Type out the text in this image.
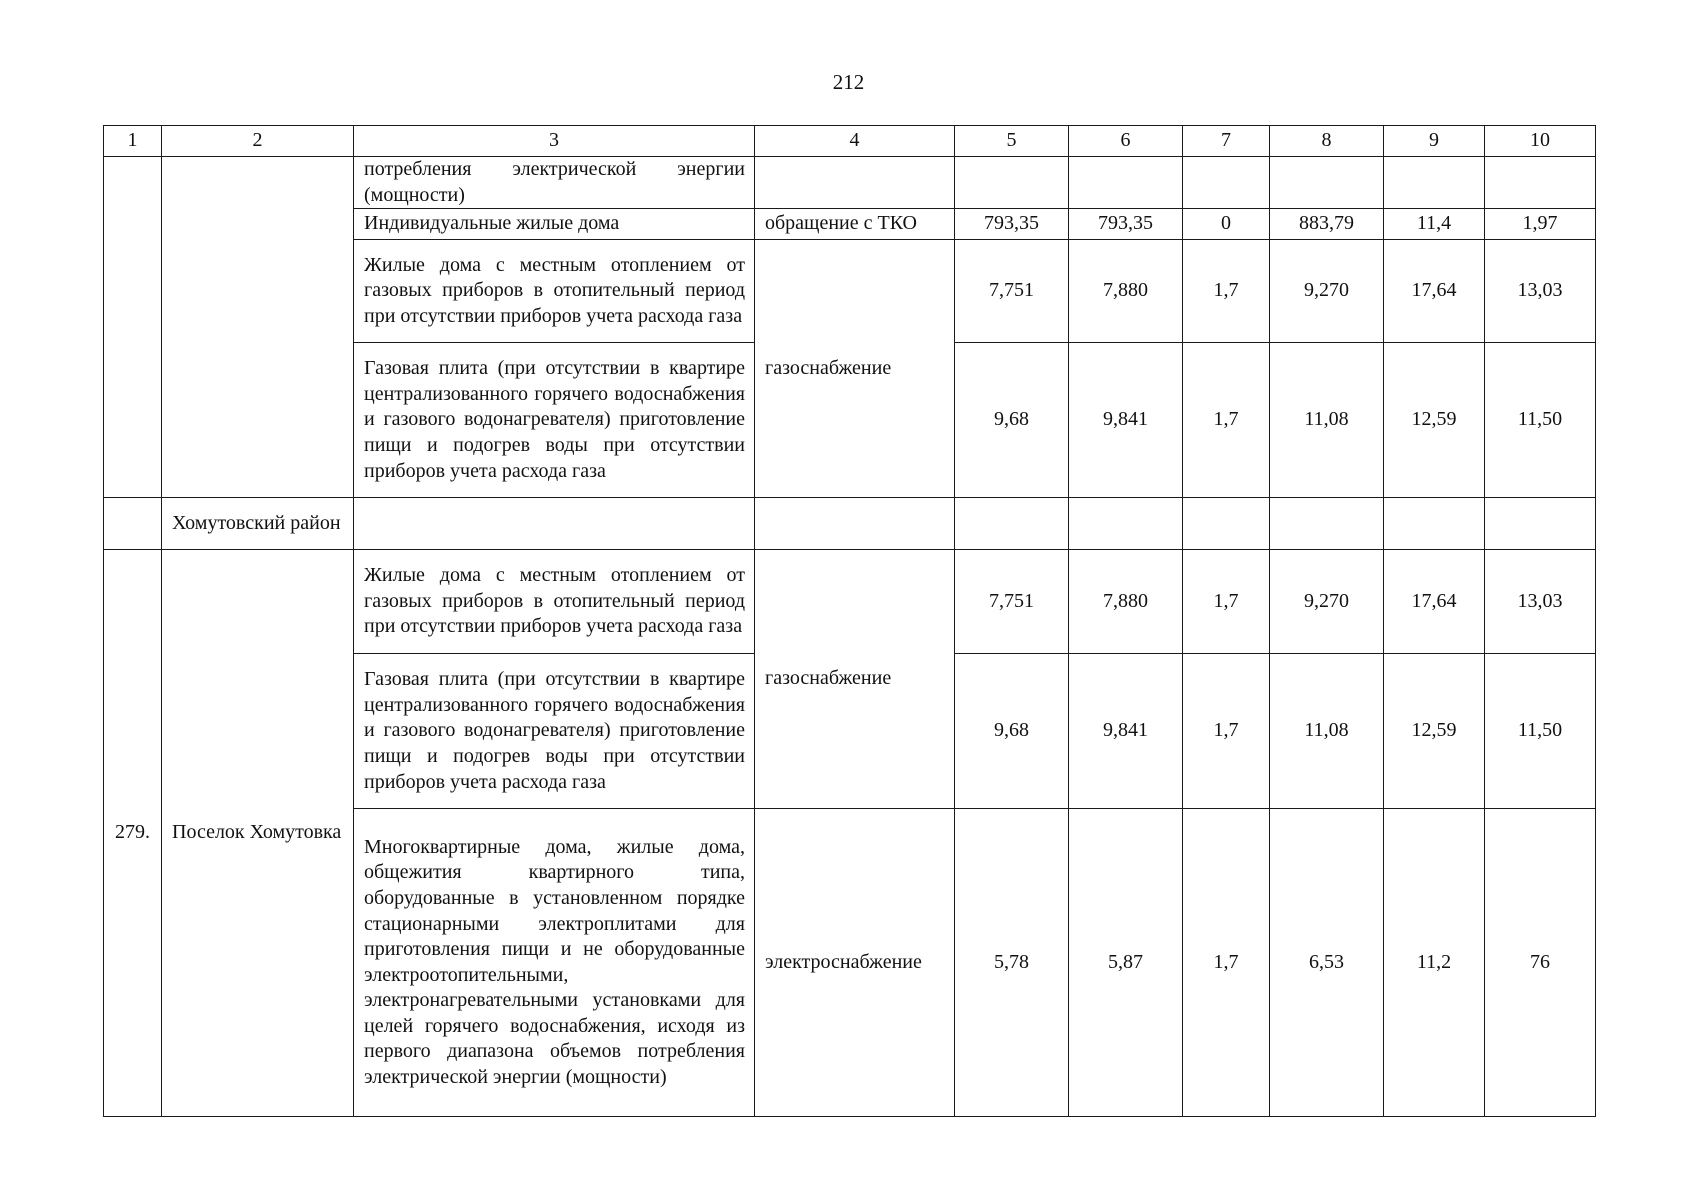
212
1	2	3	4	5	6	7	8	9	10
		потребления электрической энергии (мощности)							
		Индивидуальные жилые дома	обращение с ТКО	793,35	793,35	0	883,79	11,4	1,97
		Жилые дома с местным отоплением от газовых приборов в отопительный период при отсутствии приборов учета расхода газа	газоснабжение	7,751	7,880	1,7	9,270	17,64	13,03
		Газовая плита (при отсутствии в квартире централизованного горячего водоснабжения и газового водонагревателя) приготовление пищи и подогрев воды при отсутствии приборов учета расхода газа		9,68	9,841	1,7	11,08	12,59	11,50
	Хомутовский район								
279.	Поселок Хомутовка	Жилые дома с местным отоплением от газовых приборов в отопительный период при отсутствии приборов учета расхода газа	газоснабжение	7,751	7,880	1,7	9,270	17,64	13,03
		Газовая плита (при отсутствии в квартире централизованного горячего водоснабжения и газового водонагревателя) приготовление пищи и подогрев воды при отсутствии приборов учета расхода газа		9,68	9,841	1,7	11,08	12,59	11,50
		Многоквартирные дома, жилые дома, общежития квартирного типа, оборудованные в установленном порядке стационарными электроплитами для приготовления пищи и не оборудованные электроотопительными, электронагревательными установками для целей горячего водоснабжения, исходя из первого диапазона объемов потребления электрической энергии (мощности)	электроснабжение	5,78	5,87	1,7	6,53	11,2	76
